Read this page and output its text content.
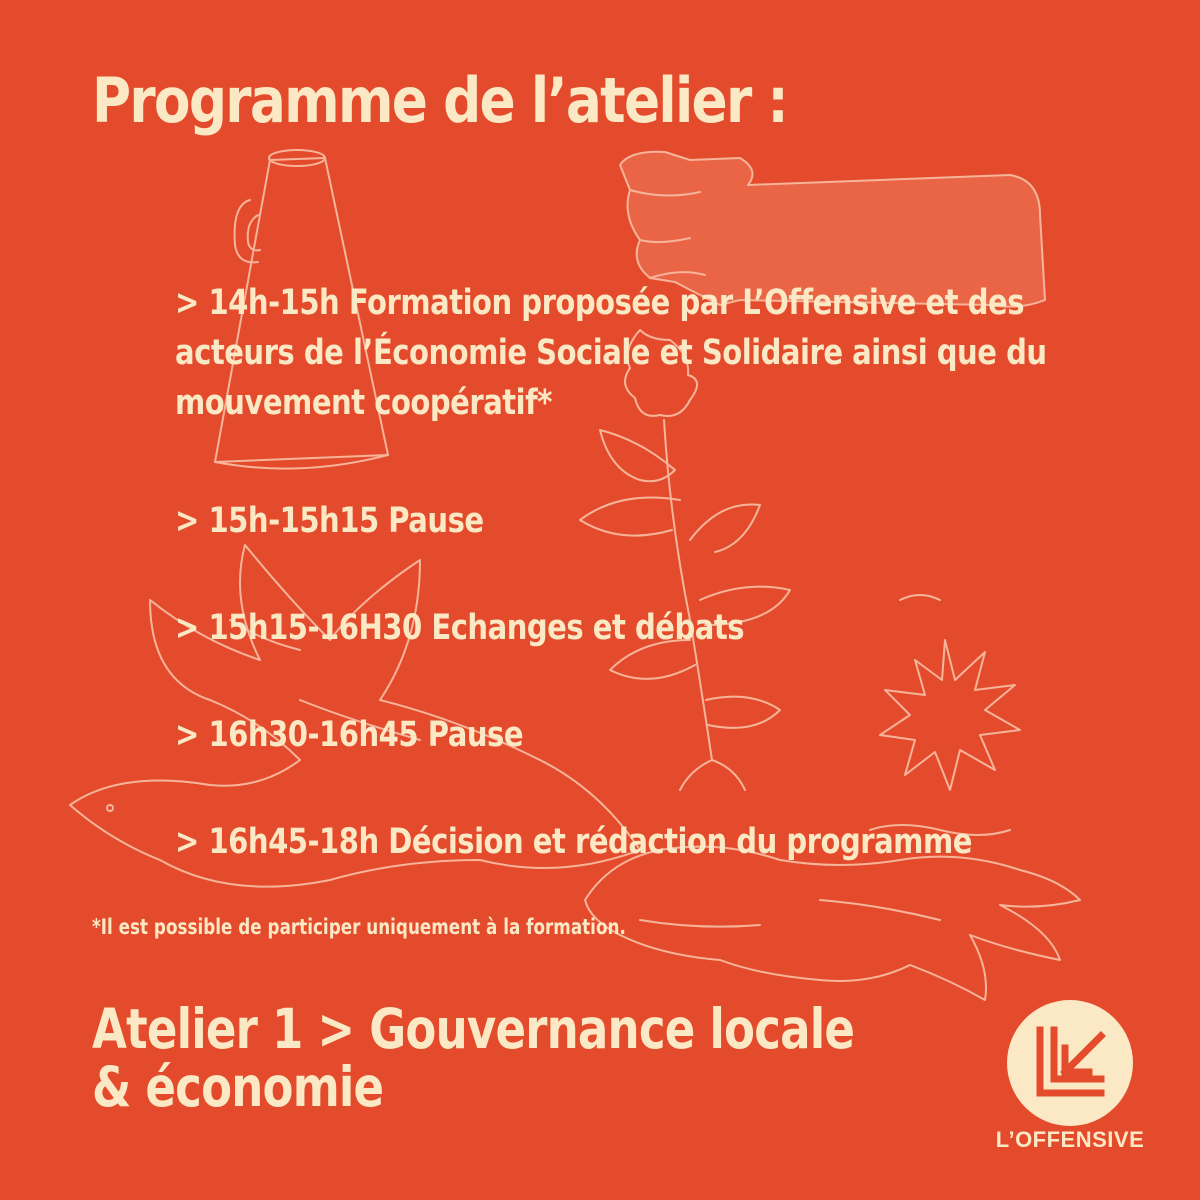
Programme de l’atelier :
> 14h-15h Formation proposée par L’Offensive et des acteurs de l’Économie Sociale et Solidaire ainsi que du mouvement coopératif*
> 15h-15h15 Pause
> 15h15-16H30 Echanges et débats
> 16h30-16h45 Pause
> 16h45-18h Décision et rédaction du programme

*Il est possible de participer uniquement à la formation.

Atelier 1 > Gouvernance locale
& économie
L’OFFENSIVE
